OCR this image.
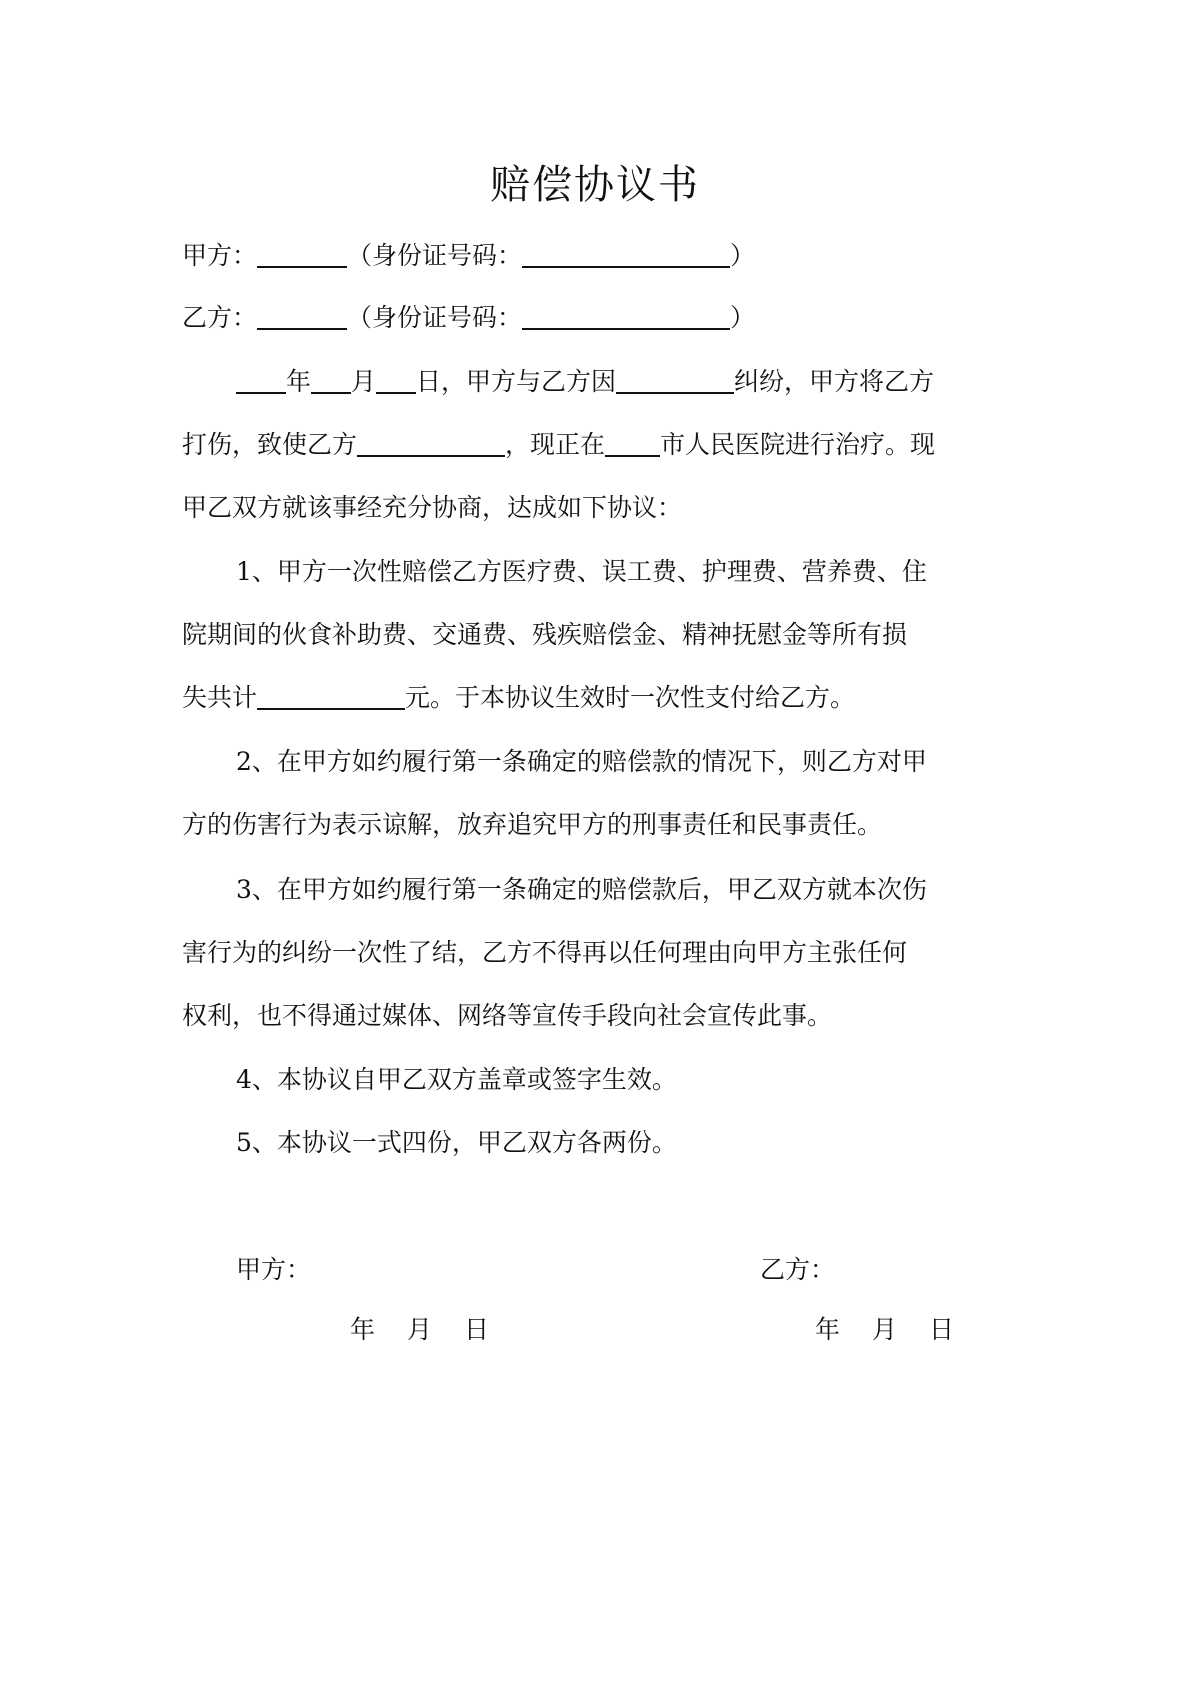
赔偿协议书
甲方：	（身份证号码：	）
乙方：	（身份证号码：	）
年 月 日，甲方与乙方因	纠纷，甲方将乙方
打伤，致使乙方	，现正在 市人民医院进行治疗。现
甲乙双方就该事经充分协商，达成如下协议：
1、甲方一次性赔偿乙方医疗费、误工费、护理费、营养费、住
院期间的伙食补助费、交通费、残疾赔偿金、精神抚慰金等所有损
失共计	元。于本协议生效时一次性支付给乙方。
2、在甲方如约履行第一条确定的赔偿款的情况下，则乙方对甲
方的伤害行为表示谅解，放弃追究甲方的刑事责任和民事责任。
3、在甲方如约履行第一条确定的赔偿款后，甲乙双方就本次伤
害行为的纠纷一次性了结，乙方不得再以任何理由向甲方主张任何
权利，也不得通过媒体、网络等宣传手段向社会宣传此事。
4、本协议自甲乙双方盖章或签字生效。
5、本协议一式四份，甲乙双方各两份。
甲方：	乙方：
年 月 日	年 月 日
